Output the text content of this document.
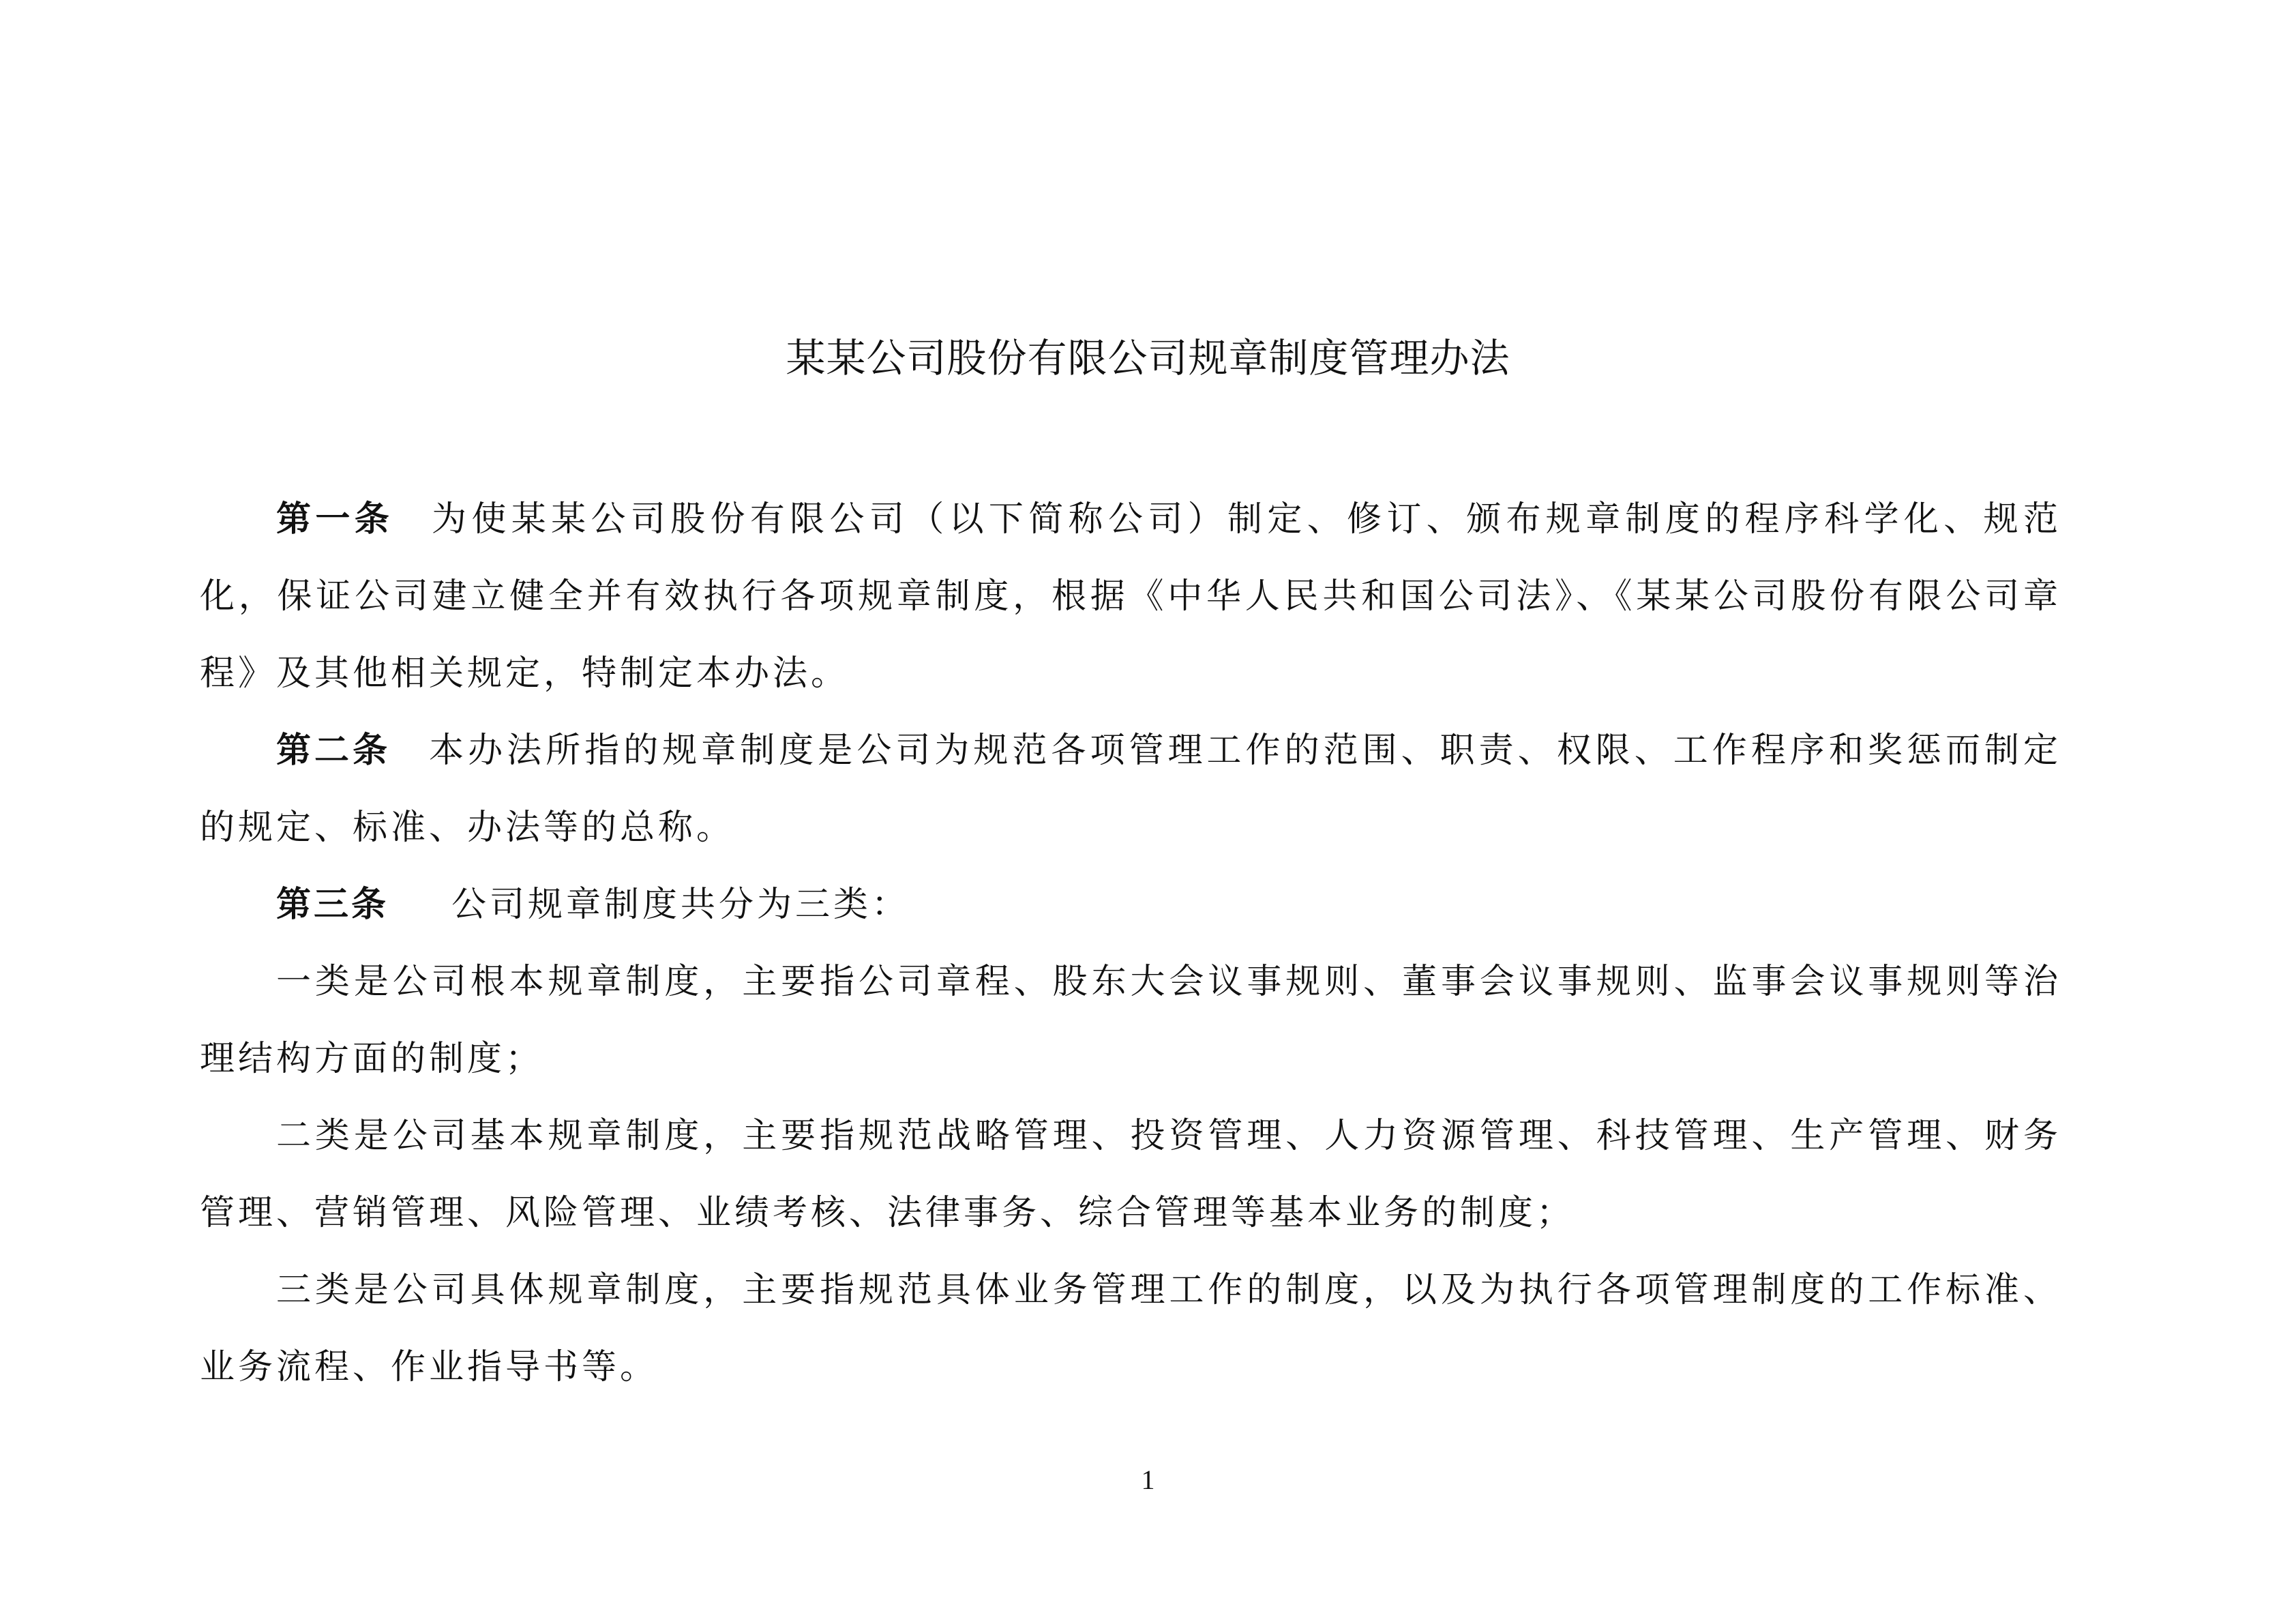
某某公司股份有限公司规章制度管理办法

第一条 为使某某公司股份有限公司（以下简称公司）制定、修订、颁布规章制度的程序科学化、规范化，保证公司建立健全并有效执行各项规章制度，根据《中华人民共和国公司法》、《某某公司股份有限公司章程》及其他相关规定，特制定本办法。

第二条 本办法所指的规章制度是公司为规范各项管理工作的范围、职责、权限、工作程序和奖惩而制定的规定、标准、办法等的总称。

第三条 公司规章制度共分为三类：

一类是公司根本规章制度，主要指公司章程、股东大会议事规则、董事会议事规则、监事会议事规则等治理结构方面的制度；

二类是公司基本规章制度，主要指规范战略管理、投资管理、人力资源管理、科技管理、生产管理、财务管理、营销管理、风险管理、业绩考核、法律事务、综合管理等基本业务的制度；

三类是公司具体规章制度，主要指规范具体业务管理工作的制度，以及为执行各项管理制度的工作标准、业务流程、作业指导书等。

1
